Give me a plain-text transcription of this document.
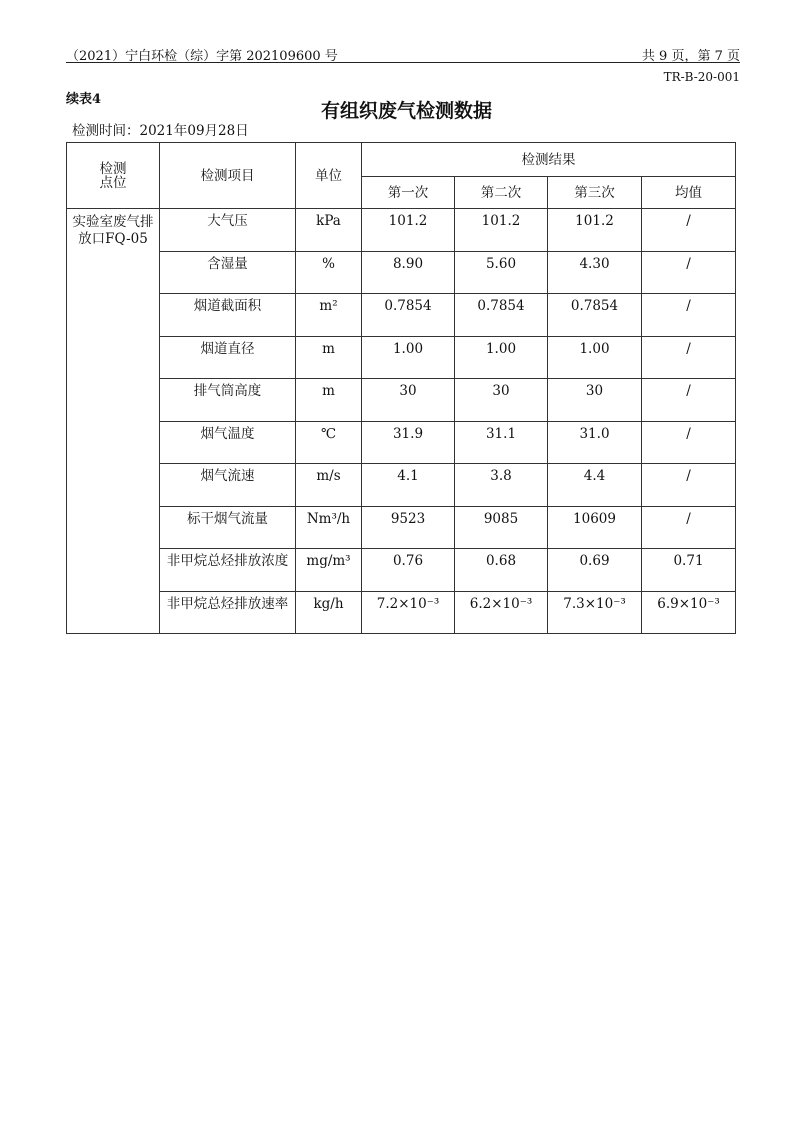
（2021）宁白环检（综）字第 202109600 号	共 9 页，第 7 页
TR-B-20-001
续表4
有组织废气检测数据
检测时间：2021年09月28日
检测
点位	检测项目	单位	检测结果			
			第一次	第二次	第三次	均值
实验室废气排放口FQ-05	大气压	kPa	101.2	101.2	101.2	/
	含湿量	%	8.90	5.60	4.30	/
	烟道截面积	m²	0.7854	0.7854	0.7854	/
	烟道直径	m	1.00	1.00	1.00	/
	排气筒高度	m	30	30	30	/
	烟气温度	℃	31.9	31.1	31.0	/
	烟气流速	m/s	4.1	3.8	4.4	/
	标干烟气流量	Nm³/h	9523	9085	10609	/
	非甲烷总烃排放浓度	mg/m³	0.76	0.68	0.69	0.71
	非甲烷总烃排放速率	kg/h	7.2×10⁻³	6.2×10⁻³	7.3×10⁻³	6.9×10⁻³
